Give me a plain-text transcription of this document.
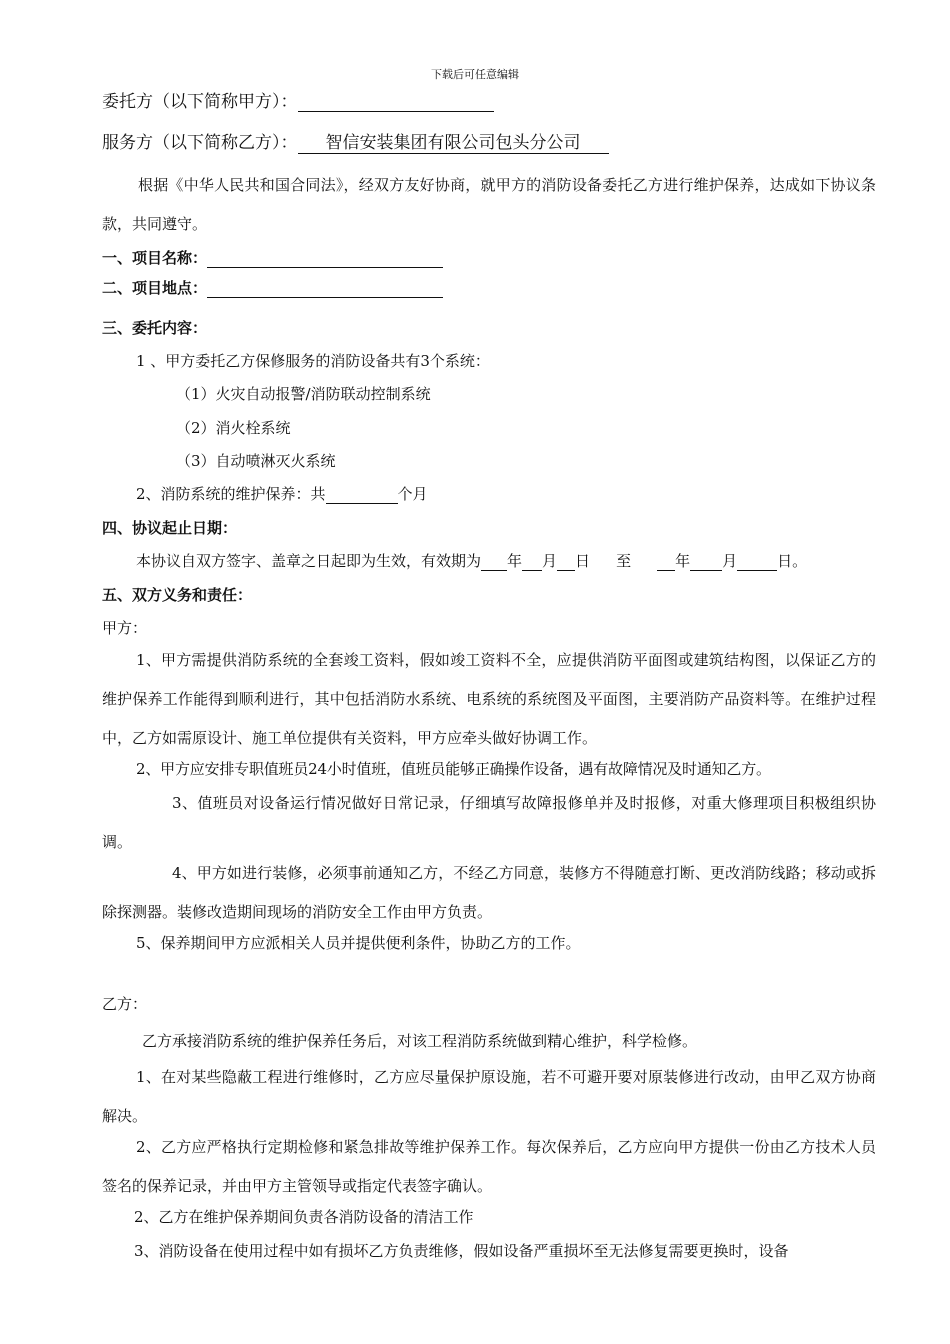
下载后可任意编辑
委托方（以下简称甲方）：
服务方（以下简称乙方）： 智信安装集团有限公司包头分公司
根据《中华人民共和国合同法》，经双方友好协商，就甲方的消防设备委托乙方进行维护保养，达成如下协议条款，共同遵守。
一、项目名称：
二、项目地点：
三、委托内容：
1 、甲方委托乙方保修服务的消防设备共有3个系统：
（1）火灾自动报警/消防联动控制系统
（2）消火栓系统
（3）自动喷淋灭火系统
2、消防系统的维护保养：共	个月
四、协议起止日期：
本协议自双方签字、盖章之日起即为生效，有效期为 年 月 日 至	年 月	日。
五、双方义务和责任：
甲方：
1、甲方需提供消防系统的全套竣工资料，假如竣工资料不全，应提供消防平面图或建筑结构图，以保证乙方的维护保养工作能得到顺利进行，其中包括消防水系统、电系统的系统图及平面图，主要消防产品资料等。在维护过程中，乙方如需原设计、施工单位提供有关资料，甲方应牵头做好协调工作。
2、甲方应安排专职值班员24小时值班，值班员能够正确操作设备，遇有故障情况及时通知乙方。
3、值班员对设备运行情况做好日常记录，仔细填写故障报修单并及时报修，对重大修理项目积极组织协调。
4、甲方如进行装修，必须事前通知乙方，不经乙方同意，装修方不得随意打断、更改消防线路；移动或拆除探测器。装修改造期间现场的消防安全工作由甲方负责。
5、保养期间甲方应派相关人员并提供便利条件，协助乙方的工作。
乙方：
乙方承接消防系统的维护保养任务后，对该工程消防系统做到精心维护，科学检修。
1、在对某些隐蔽工程进行维修时，乙方应尽量保护原设施，若不可避开要对原装修进行改动，由甲乙双方协商解决。
2、乙方应严格执行定期检修和紧急排故等维护保养工作。每次保养后，乙方应向甲方提供一份由乙方技术人员签名的保养记录，并由甲方主管领导或指定代表签字确认。
2、乙方在维护保养期间负责各消防设备的清洁工作
3、消防设备在使用过程中如有损坏乙方负责维修，假如设备严重损坏至无法修复需要更换时，设备
